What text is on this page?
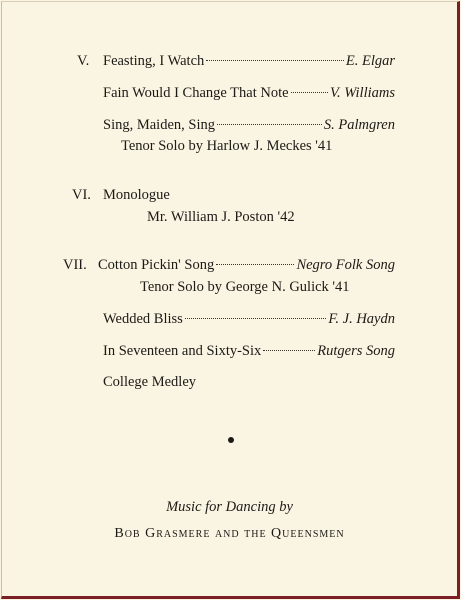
V. Feasting, I Watch	E. Elgar
Fain Would I Change That Note	V. Williams
Sing, Maiden, Sing	S. Palmgren
Tenor Solo by Harlow J. Meckes '41
VI. Monologue
Mr. William J. Poston '42
VII. Cotton Pickin' Song	Negro Folk Song
Tenor Solo by George N. Gulick '41
Wedded Bliss	F. J. Haydn
In Seventeen and Sixty-Six	Rutgers Song
College Medley
Music for Dancing by
Bob Grasmere and the Queensmen
